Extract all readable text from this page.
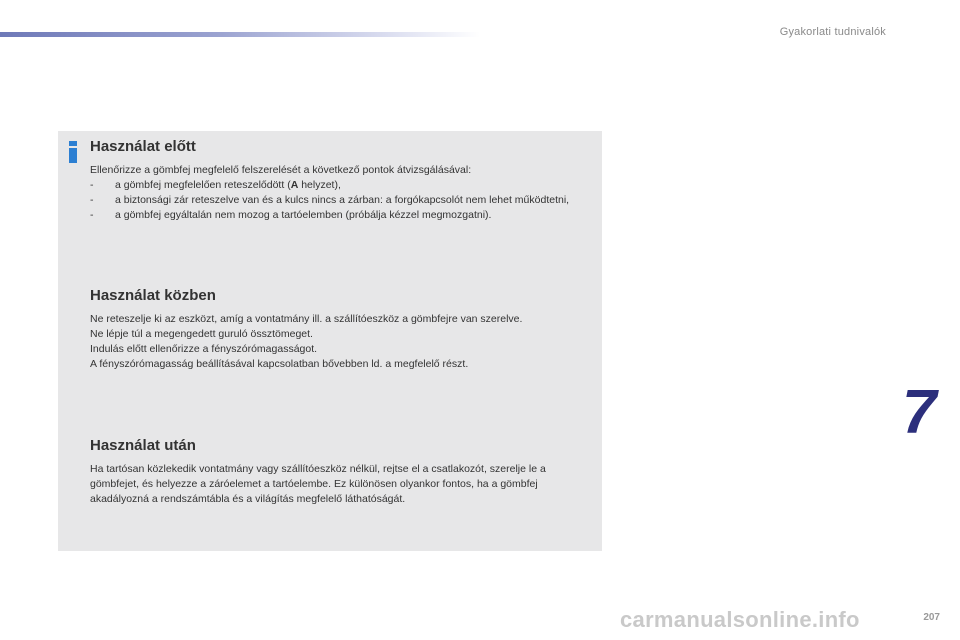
Gyakorlati tudnivalók
Használat előtt

Ellenőrizze a gömbfej megfelelő felszerelését a következő pontok átvizsgálásával:

- a gömbfej megfelelően reteszelődött (A helyzet),
- a biztonsági zár reteszelve van és a kulcs nincs a zárban: a forgókapcsolót nem lehet működtetni,
- a gömbfej egyáltalán nem mozog a tartóelemben (próbálja kézzel megmozgatni).
Használat közben

Ne reteszelje ki az eszközt, amíg a vontatmány ill. a szállítóeszköz a gömbfejre van szerelve.

Ne lépje túl a megengedett guruló össztömeget.

Indulás előtt ellenőrizze a fényszórómagasságot.

A fényszórómagasság beállításával kapcsolatban bővebben ld. a megfelelő részt.

Használat után

Ha tartósan közlekedik vontatmány vagy szállítóeszköz nélkül, rejtse el a csatlakozót, szerelje le a gömbfejet, és helyezze a záróelemet a tartóelembe. Ez különösen olyankor fontos, ha a gömbfej akadályozná a rendszámtábla és a világítás megfelelő láthatóságát.

7
207
carmanualsonline.info
